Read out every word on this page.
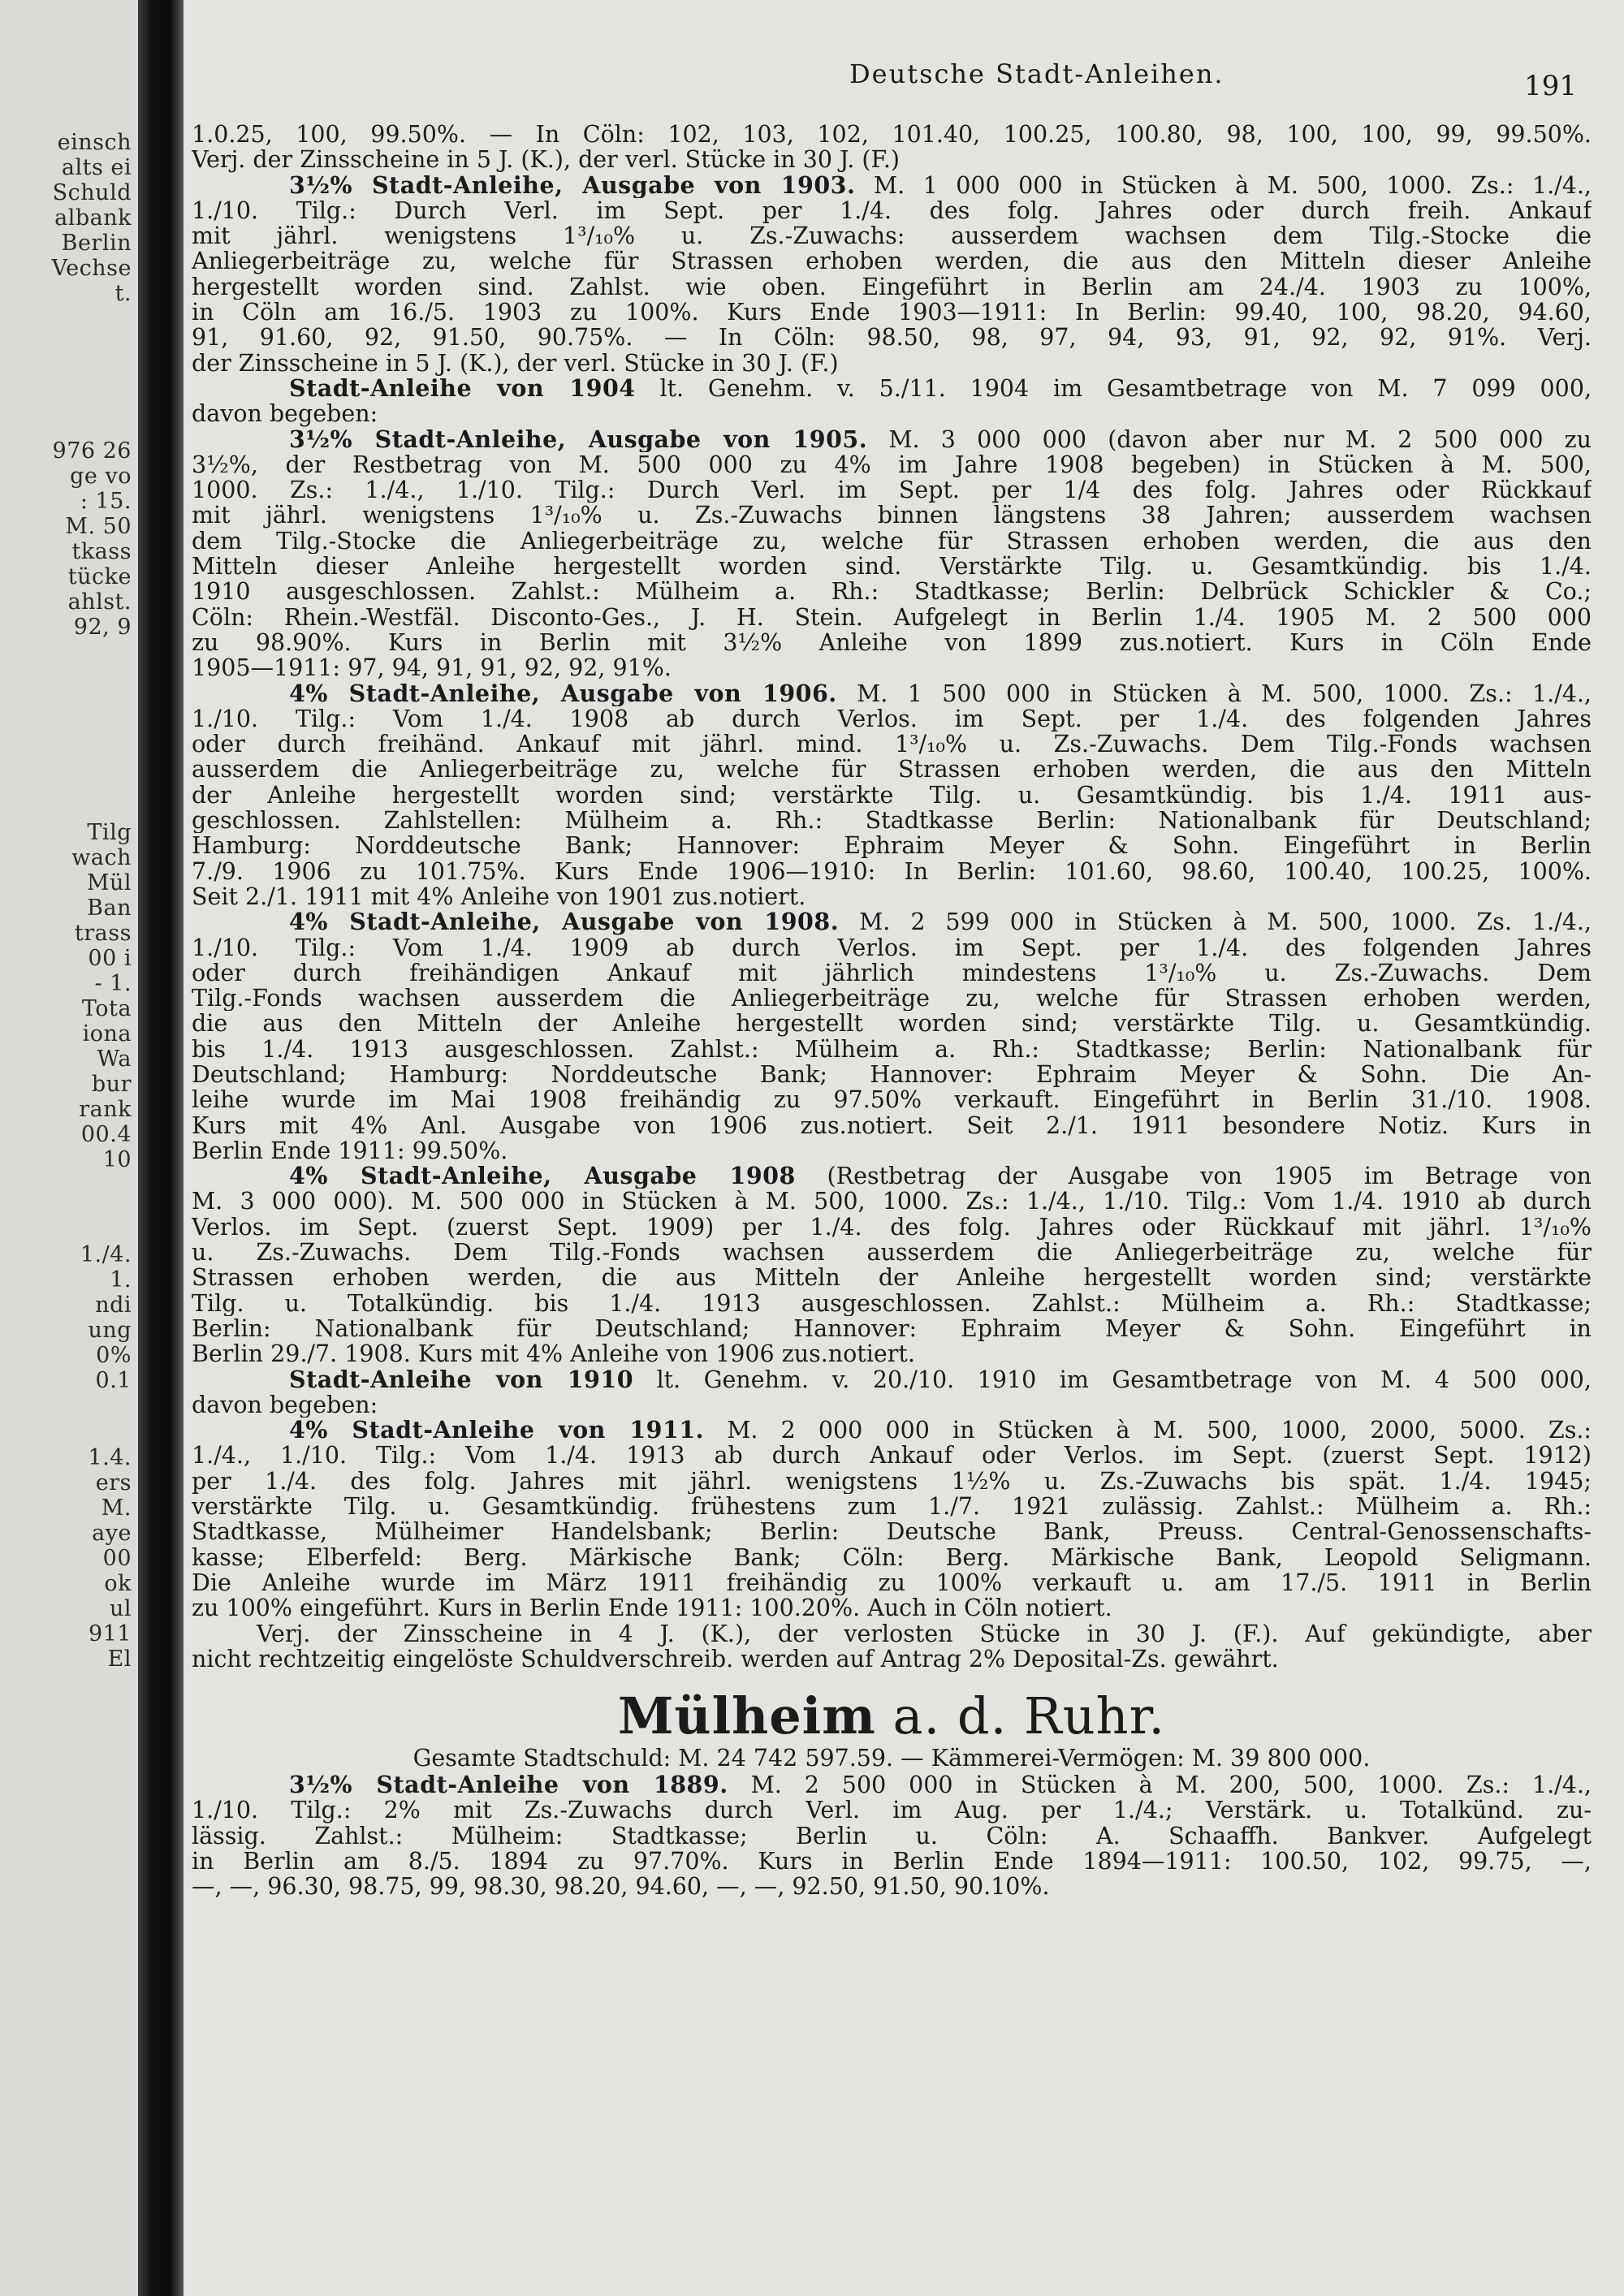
einsch
alts ei
Schuld
albank
Berlin
Vechse
t.
976 26
ge vo
: 15.
M. 50
tkass
tücke
ahlst.
92, 9
Tilg
wach
Mül
Ban
trass
00 i
- 1.
Tota
iona
Wa
bur
rank
00.4
10
1./4.
1.
ndi
ung
0%
0.1
1.4.
ers
M.
aye
00
ok
ul
911
El
Deutsche Stadt-Anleihen.	191
1.0.25, 100, 99.50%. — In Cöln: 102, 103, 102, 101.40, 100.25, 100.80, 98, 100, 100, 99, 99.50%.
Verj. der Zinsscheine in 5 J. (K.), der verl. Stücke in 30 J. (F.)
3½% Stadt-Anleihe, Ausgabe von 1903. M. 1 000 000 in Stücken à M. 500, 1000. Zs.: 1./4.,
1./10. Tilg.: Durch Verl. im Sept. per 1./4. des folg. Jahres oder durch freih. Ankauf
mit jährl. wenigstens 1³/₁₀% u. Zs.-Zuwachs: ausserdem wachsen dem Tilg.-Stocke die
Anliegerbeiträge zu, welche für Strassen erhoben werden, die aus den Mitteln dieser Anleihe
hergestellt worden sind. Zahlst. wie oben. Eingeführt in Berlin am 24./4. 1903 zu 100%,
in Cöln am 16./5. 1903 zu 100%. Kurs Ende 1903—1911: In Berlin: 99.40, 100, 98.20, 94.60,
91, 91.60, 92, 91.50, 90.75%. — In Cöln: 98.50, 98, 97, 94, 93, 91, 92, 92, 91%. Verj.
der Zinsscheine in 5 J. (K.), der verl. Stücke in 30 J. (F.)
Stadt-Anleihe von 1904 lt. Genehm. v. 5./11. 1904 im Gesamtbetrage von M. 7 099 000,
davon begeben:
3½% Stadt-Anleihe, Ausgabe von 1905. M. 3 000 000 (davon aber nur M. 2 500 000 zu
3½%, der Restbetrag von M. 500 000 zu 4% im Jahre 1908 begeben) in Stücken à M. 500,
1000. Zs.: 1./4., 1./10. Tilg.: Durch Verl. im Sept. per 1/4 des folg. Jahres oder Rückkauf
mit jährl. wenigstens 1³/₁₀% u. Zs.-Zuwachs binnen längstens 38 Jahren; ausserdem wachsen
dem Tilg.-Stocke die Anliegerbeiträge zu, welche für Strassen erhoben werden, die aus den
Mitteln dieser Anleihe hergestellt worden sind. Verstärkte Tilg. u. Gesamtkündig. bis 1./4.
1910 ausgeschlossen. Zahlst.: Mülheim a. Rh.: Stadtkasse; Berlin: Delbrück Schickler & Co.;
Cöln: Rhein.-Westfäl. Disconto-Ges., J. H. Stein. Aufgelegt in Berlin 1./4. 1905 M. 2 500 000
zu 98.90%. Kurs in Berlin mit 3½% Anleihe von 1899 zus.notiert. Kurs in Cöln Ende
1905—1911: 97, 94, 91, 91, 92, 92, 91%.
4% Stadt-Anleihe, Ausgabe von 1906. M. 1 500 000 in Stücken à M. 500, 1000. Zs.: 1./4.,
1./10. Tilg.: Vom 1./4. 1908 ab durch Verlos. im Sept. per 1./4. des folgenden Jahres
oder durch freihänd. Ankauf mit jährl. mind. 1³/₁₀% u. Zs.-Zuwachs. Dem Tilg.-Fonds wachsen
ausserdem die Anliegerbeiträge zu, welche für Strassen erhoben werden, die aus den Mitteln
der Anleihe hergestellt worden sind; verstärkte Tilg. u. Gesamtkündig. bis 1./4. 1911 aus-
geschlossen. Zahlstellen: Mülheim a. Rh.: Stadtkasse Berlin: Nationalbank für Deutschland;
Hamburg: Norddeutsche Bank; Hannover: Ephraim Meyer & Sohn. Eingeführt in Berlin
7./9. 1906 zu 101.75%. Kurs Ende 1906—1910: In Berlin: 101.60, 98.60, 100.40, 100.25, 100%.
Seit 2./1. 1911 mit 4% Anleihe von 1901 zus.notiert.
4% Stadt-Anleihe, Ausgabe von 1908. M. 2 599 000 in Stücken à M. 500, 1000. Zs. 1./4.,
1./10. Tilg.: Vom 1./4. 1909 ab durch Verlos. im Sept. per 1./4. des folgenden Jahres
oder durch freihändigen Ankauf mit jährlich mindestens 1³/₁₀% u. Zs.-Zuwachs. Dem
Tilg.-Fonds wachsen ausserdem die Anliegerbeiträge zu, welche für Strassen erhoben werden,
die aus den Mitteln der Anleihe hergestellt worden sind; verstärkte Tilg. u. Gesamtkündig.
bis 1./4. 1913 ausgeschlossen. Zahlst.: Mülheim a. Rh.: Stadtkasse; Berlin: Nationalbank für
Deutschland; Hamburg: Norddeutsche Bank; Hannover: Ephraim Meyer & Sohn. Die An-
leihe wurde im Mai 1908 freihändig zu 97.50% verkauft. Eingeführt in Berlin 31./10. 1908.
Kurs mit 4% Anl. Ausgabe von 1906 zus.notiert. Seit 2./1. 1911 besondere Notiz. Kurs in
Berlin Ende 1911: 99.50%.
4% Stadt-Anleihe, Ausgabe 1908 (Restbetrag der Ausgabe von 1905 im Betrage von
M. 3 000 000). M. 500 000 in Stücken à M. 500, 1000. Zs.: 1./4., 1./10. Tilg.: Vom 1./4. 1910 ab durch
Verlos. im Sept. (zuerst Sept. 1909) per 1./4. des folg. Jahres oder Rückkauf mit jährl. 1³/₁₀%
u. Zs.-Zuwachs. Dem Tilg.-Fonds wachsen ausserdem die Anliegerbeiträge zu, welche für
Strassen erhoben werden, die aus Mitteln der Anleihe hergestellt worden sind; verstärkte
Tilg. u. Totalkündig. bis 1./4. 1913 ausgeschlossen. Zahlst.: Mülheim a. Rh.: Stadtkasse;
Berlin: Nationalbank für Deutschland; Hannover: Ephraim Meyer & Sohn. Eingeführt in
Berlin 29./7. 1908. Kurs mit 4% Anleihe von 1906 zus.notiert.
Stadt-Anleihe von 1910 lt. Genehm. v. 20./10. 1910 im Gesamtbetrage von M. 4 500 000,
davon begeben:
4% Stadt-Anleihe von 1911. M. 2 000 000 in Stücken à M. 500, 1000, 2000, 5000. Zs.:
1./4., 1./10. Tilg.: Vom 1./4. 1913 ab durch Ankauf oder Verlos. im Sept. (zuerst Sept. 1912)
per 1./4. des folg. Jahres mit jährl. wenigstens 1½% u. Zs.-Zuwachs bis spät. 1./4. 1945;
verstärkte Tilg. u. Gesamtkündig. frühestens zum 1./7. 1921 zulässig. Zahlst.: Mülheim a. Rh.:
Stadtkasse, Mülheimer Handelsbank; Berlin: Deutsche Bank, Preuss. Central-Genossenschafts-
kasse; Elberfeld: Berg. Märkische Bank; Cöln: Berg. Märkische Bank, Leopold Seligmann.
Die Anleihe wurde im März 1911 freihändig zu 100% verkauft u. am 17./5. 1911 in Berlin
zu 100% eingeführt. Kurs in Berlin Ende 1911: 100.20%. Auch in Cöln notiert.
Verj. der Zinsscheine in 4 J. (K.), der verlosten Stücke in 30 J. (F.). Auf gekündigte, aber
nicht rechtzeitig eingelöste Schuldverschreib. werden auf Antrag 2% Deposital-Zs. gewährt.
Mülheim a. d. Ruhr.
Gesamte Stadtschuld: M. 24 742 597.59. — Kämmerei-Vermögen: M. 39 800 000.
3½% Stadt-Anleihe von 1889. M. 2 500 000 in Stücken à M. 200, 500, 1000. Zs.: 1./4.,
1./10. Tilg.: 2% mit Zs.-Zuwachs durch Verl. im Aug. per 1./4.; Verstärk. u. Totalkünd. zu-
lässig. Zahlst.: Mülheim: Stadtkasse; Berlin u. Cöln: A. Schaaffh. Bankver. Aufgelegt
in Berlin am 8./5. 1894 zu 97.70%. Kurs in Berlin Ende 1894—1911: 100.50, 102, 99.75, —,
—, —, 96.30, 98.75, 99, 98.30, 98.20, 94.60, —, —, 92.50, 91.50, 90.10%.
